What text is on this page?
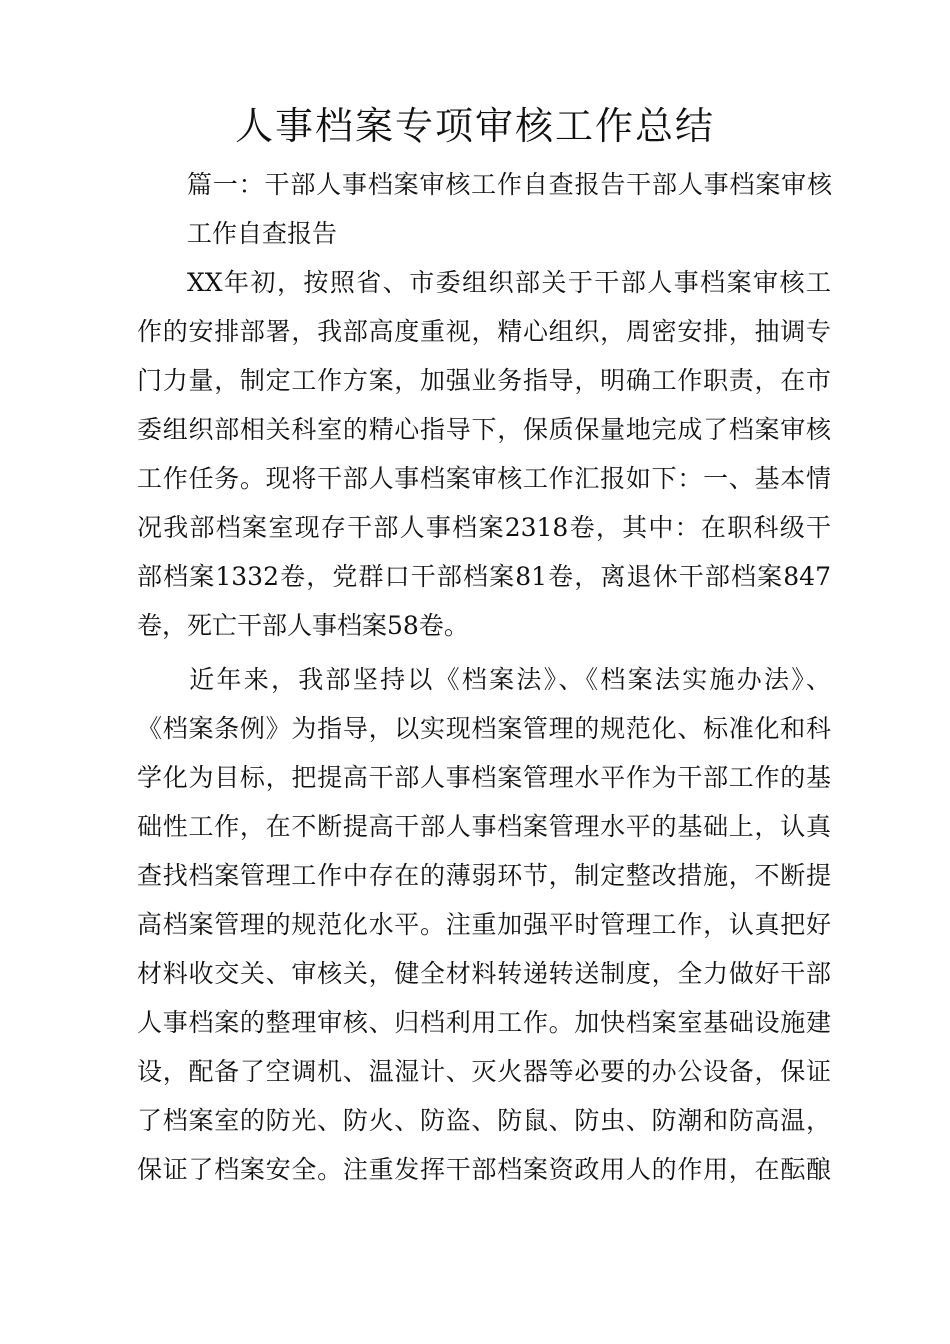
人事档案专项审核工作总结
篇一：干部人事档案审核工作自查报告干部人事档案审核
工作自查报告
XX年初，按照省、市委组织部关于干部人事档案审核工
作的安排部署，我部高度重视，精心组织，周密安排，抽调专
门力量，制定工作方案，加强业务指导，明确工作职责，在市
委组织部相关科室的精心指导下，保质保量地完成了档案审核
工作任务。现将干部人事档案审核工作汇报如下：一、基本情
况我部档案室现存干部人事档案2318卷，其中：在职科级干
部档案1332卷，党群口干部档案81卷，离退休干部档案847
卷，死亡干部人事档案58卷。
近年来，我部坚持以《档案法》、《档案法实施办法》、
《档案条例》为指导，以实现档案管理的规范化、标准化和科
学化为目标，把提高干部人事档案管理水平作为干部工作的基
础性工作，在不断提高干部人事档案管理水平的基础上，认真
查找档案管理工作中存在的薄弱环节，制定整改措施，不断提
高档案管理的规范化水平。注重加强平时管理工作，认真把好
材料收交关、审核关，健全材料转递转送制度，全力做好干部
人事档案的整理审核、归档利用工作。加快档案室基础设施建
设，配备了空调机、温湿计、灭火器等必要的办公设备，保证
了档案室的防光、防火、防盗、防鼠、防虫、防潮和防高温，
保证了档案安全。注重发挥干部档案资政用人的作用，在酝酿
